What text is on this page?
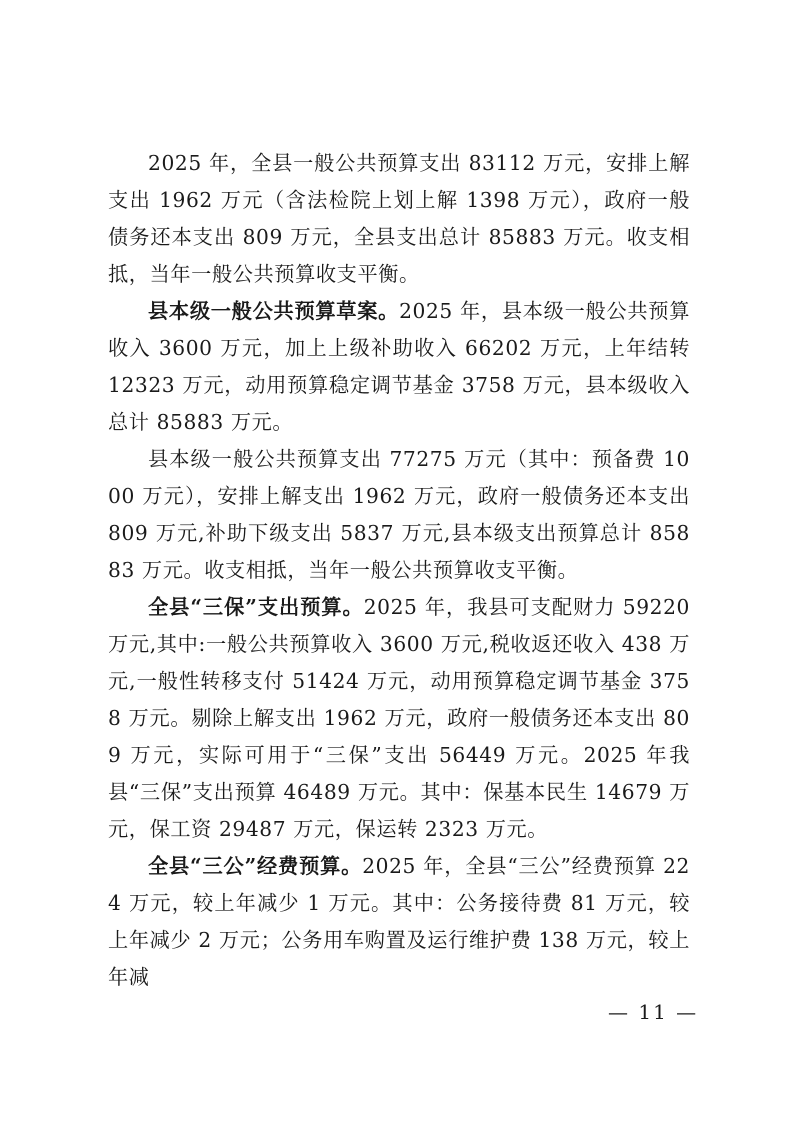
2025 年，全县一般公共预算支出 83112 万元，安排上解支出 1962 万元（含法检院上划上解 1398 万元），政府一般债务还本支出 809 万元，全县支出总计 85883 万元。收支相抵，当年一般公共预算收支平衡。

县本级一般公共预算草案。2025 年，县本级一般公共预算收入 3600 万元，加上上级补助收入 66202 万元，上年结转 12323 万元，动用预算稳定调节基金 3758 万元，县本级收入总计 85883 万元。

县本级一般公共预算支出 77275 万元（其中：预备费 1000 万元），安排上解支出 1962 万元，政府一般债务还本支出 809 万元,补助下级支出 5837 万元,县本级支出预算总计 85883 万元。收支相抵，当年一般公共预算收支平衡。

全县“三保”支出预算。2025 年，我县可支配财力 59220 万元,其中:一般公共预算收入 3600 万元,税收返还收入 438 万元,一般性转移支付 51424 万元，动用预算稳定调节基金 3758 万元。剔除上解支出 1962 万元，政府一般债务还本支出 809 万元，实际可用于“三保”支出 56449 万元。2025 年我县“三保”支出预算 46489 万元。其中：保基本民生 14679 万元，保工资 29487 万元，保运转 2323 万元。

全县“三公”经费预算。2025 年，全县“三公”经费预算 224 万元，较上年减少 1 万元。其中：公务接待费 81 万元，较上年减少 2 万元；公务用车购置及运行维护费 138 万元，较上年减

— 11 —
